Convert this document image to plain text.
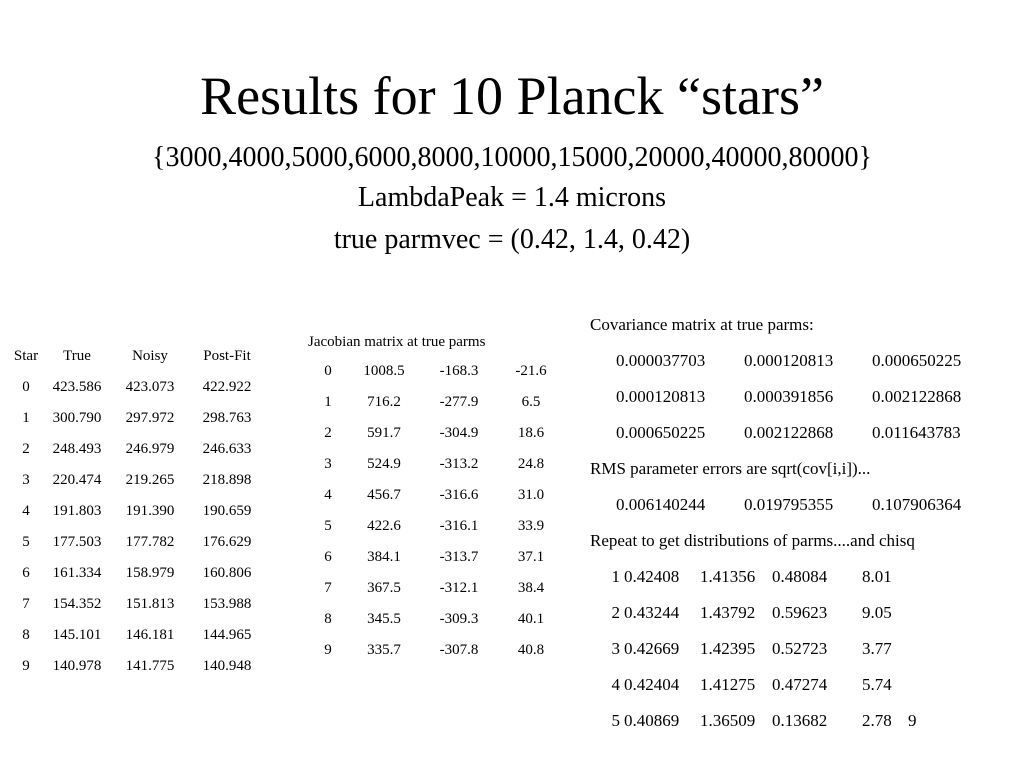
Results for 10 Planck “stars”
{3000,4000,5000,6000,8000,10000,15000,20000,40000,80000}
LambdaPeak = 1.4 microns
true parmvec = (0.42, 1.4, 0.42)
Star True	Noisy Post-Fit
0 423.586 423.073 422.922
1 300.790 297.972 298.763
2 248.493 246.979 246.633
3 220.474 219.265 218.898
4 191.803 191.390 190.659
5 177.503 177.782 176.629
6 161.334 158.979 160.806
7 154.352 151.813 153.988
8 145.101 146.181 144.965
9 140.978 141.775 140.948
Jacobian matrix at true parms
0 1008.5 -168.3 -21.6
1 716.2	-277.9	6.5
2 591.7	-304.9	18.6
3 524.9	-313.2	24.8
4 456.7	-316.6	31.0
5 422.6	-316.1	33.9
6 384.1	-313.7	37.1
7 367.5	-312.1	38.4
8 345.5	-309.3	40.1
9 335.7	-307.8	40.8
Covariance matrix at true parms:
0.000037703 0.000120813 0.000650225
0.000120813 0.000391856 0.002122868
0.000650225 0.002122868 0.011643783
RMS parameter errors are sqrt(cov[i,i])...
0.006140244 0.019795355 0.107906364
Repeat to get distributions of parms....and chisq
1 0.42408 1.41356 0.48084 8.01
2 0.43244 1.43792 0.59623 9.05
3 0.42669 1.42395 0.52723 3.77
4 0.42404 1.41275 0.47274 5.74
5 0.40869 1.36509 0.13682 2.78 9
